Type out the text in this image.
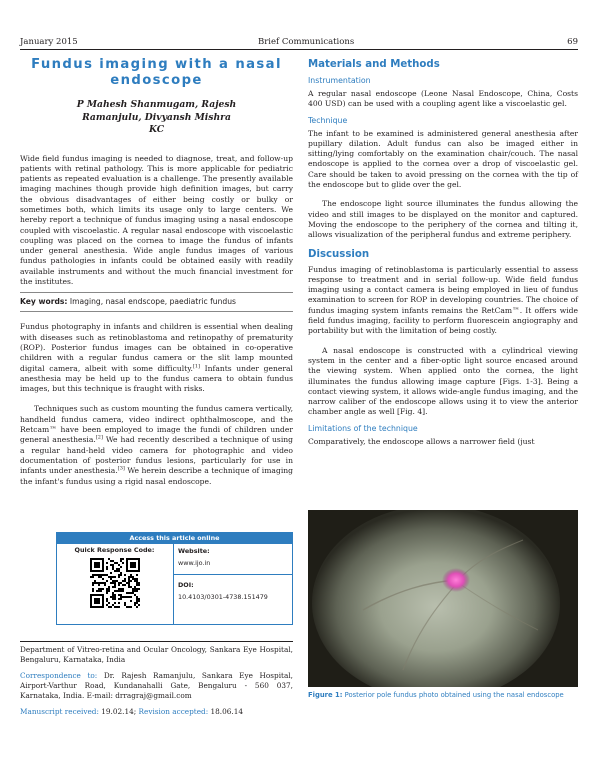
January 2015	Brief Communications	69
Fundus imaging with a nasal endoscope
P Mahesh Shanmugam, Rajesh Ramanjulu, Divyansh Mishra KC
Wide field fundus imaging is needed to diagnose, treat, and follow-up patients with retinal pathology. This is more applicable for pediatric patients as repeated evaluation is a challenge. The presently available imaging machines though provide high definition images, but carry the obvious disadvantages of either being costly or bulky or sometimes both, which limits its usage only to large centers. We hereby report a technique of fundus imaging using a nasal endoscope coupled with viscoelastic. A regular nasal endoscope with viscoelastic coupling was placed on the cornea to image the fundus of infants under general anesthesia. Wide angle fundus images of various fundus pathologies in infants could be obtained easily with readily available instruments and without the much financial investment for the institutes.
Key words: Imaging, nasal endscope, paediatric fundus

Fundus photography in infants and children is essential when dealing with diseases such as retinoblastoma and retinopathy of prematurity (ROP). Posterior fundus images can be obtained in co-operative children with a regular fundus camera or the slit lamp mounted digital camera, albeit with some difficulty.[1] Infants under general anesthesia may be held up to the fundus camera to obtain fundus images, but this technique is fraught with risks.

Techniques such as custom mounting the fundus camera vertically, handheld fundus camera, video indirect ophthalmoscope, and the Retcam™ have been employed to image the fundi of children under general anesthesia.[2] We had recently described a technique of using a regular hand-held video camera for photographic and video documentation of posterior fundus lesions, particularly for use in infants under anesthesia.[3] We herein describe a technique of imaging the infant's fundus using a rigid nasal endoscope.

Access this article online
Quick Response Code:	Website:
www.ijo.in
DOI:
10.4103/0301-4738.151479

Department of Vitreo-retina and Ocular Oncology, Sankara Eye Hospital, Bengaluru, Karnataka, India

Correspondence to: Dr. Rajesh Ramanjulu, Sankara Eye Hospital, Airport-Varthur Road, Kundanahalli Gate, Bengaluru - 560 037, Karnataka, India. E-mail: drragraj@gmail.com

Manuscript received: 19.02.14; Revision accepted: 18.06.14

Materials and Methods
Instrumentation

A regular nasal endoscope (Leone Nasal Endoscope, China, Costs 400 USD) can be used with a coupling agent like a viscoelastic gel.

Technique

The infant to be examined is administered general anesthesia after pupillary dilation. Adult fundus can also be imaged either in sitting/lying comfortably on the examination chair/couch. The nasal endoscope is applied to the cornea over a drop of viscoelastic gel. Care should be taken to avoid pressing on the cornea with the tip of the endoscope but to glide over the gel.

The endoscope light source illuminates the fundus allowing the video and still images to be displayed on the monitor and captured. Moving the endoscope to the periphery of the cornea and tilting it, allows visualization of the peripheral fundus and extreme periphery.

Discussion

Fundus imaging of retinoblastoma is particularly essential to assess response to treatment and in serial follow-up. Wide field fundus imaging using a contact camera is being employed in lieu of fundus examination to screen for ROP in developing countries. The choice of fundus imaging system infants remains the RetCam™. It offers wide field fundus imaging, facility to perform fluorescein angiography and portability but with the limitation of being costly.

A nasal endoscope is constructed with a cylindrical viewing system in the center and a fiber-optic light source encased around the viewing system. When applied onto the cornea, the light illuminates the fundus allowing image capture [Figs. 1-3]. Being a contact viewing system, it allows wide-angle fundus imaging, and the narrow caliber of the endoscope allows using it to view the anterior chamber angle as well [Fig. 4].

Limitations of the technique

Comparatively, the endoscope allows a narrower field (just

Figure 1: Posterior pole fundus photo obtained using the nasal endoscope
